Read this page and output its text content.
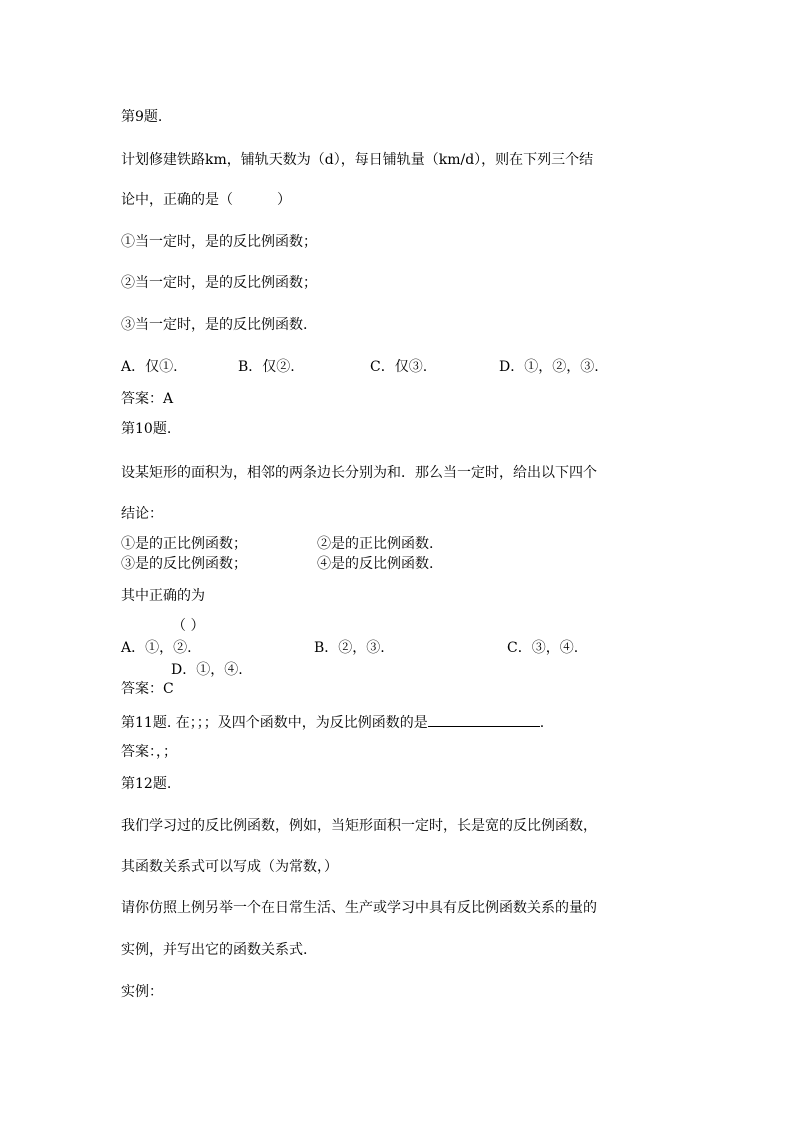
第9题.
计划修建铁路km，铺轨天数为（d），每日铺轨量（km/d），则在下列三个结
论中，正确的是（	）
①当一定时，是的反比例函数；
②当一定时，是的反比例函数；
③当一定时，是的反比例函数.
A．仅①.	B．仅②.	C．仅③.	D．①，②，③.
答案：A
第10题.
设某矩形的面积为，相邻的两条边长分别为和．那么当一定时，给出以下四个
结论：
①是的正比例函数；	②是的正比例函数.
③是的反比例函数；	④是的反比例函数.
其中正确的为
（ ）
A．①，②.	B．②，③.	C．③，④.
D．①，④.
答案：C
第11题. 在；；；及四个函数中，为反比例函数的是	.
答案：，；
第12题.
我们学习过的反比例函数，例如，当矩形面积一定时，长是宽的反比例函数，
其函数关系式可以写成（为常数，）
请你仿照上例另举一个在日常生活、生产或学习中具有反比例函数关系的量的
实例，并写出它的函数关系式.
实例：
